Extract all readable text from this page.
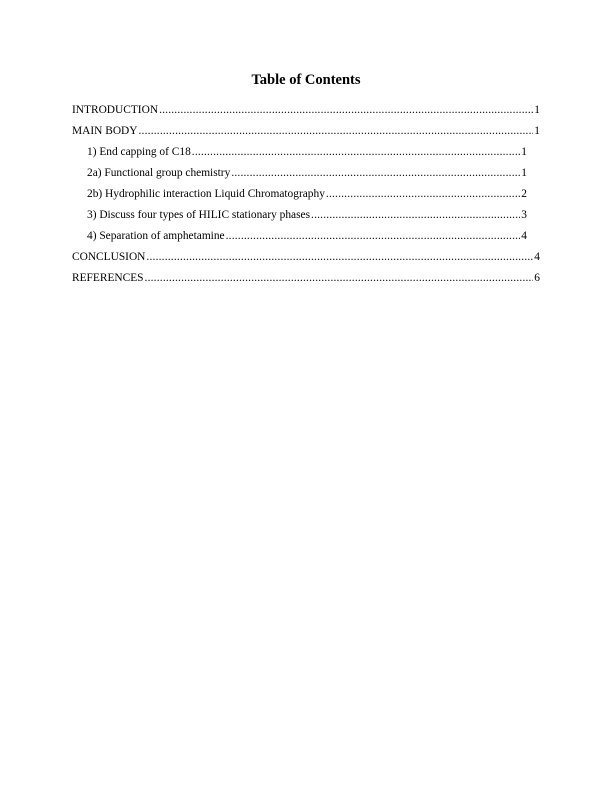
Table of Contents
INTRODUCTION .....	1
MAIN BODY .....	1
1) End capping of C18 .....	1
2a) Functional group chemistry .....	1
2b) Hydrophilic interaction Liquid Chromatography .....	2
3) Discuss four types of HILIC stationary phases .....	3
4) Separation of amphetamine .....	4
CONCLUSION .....	4
REFERENCES .....	6
